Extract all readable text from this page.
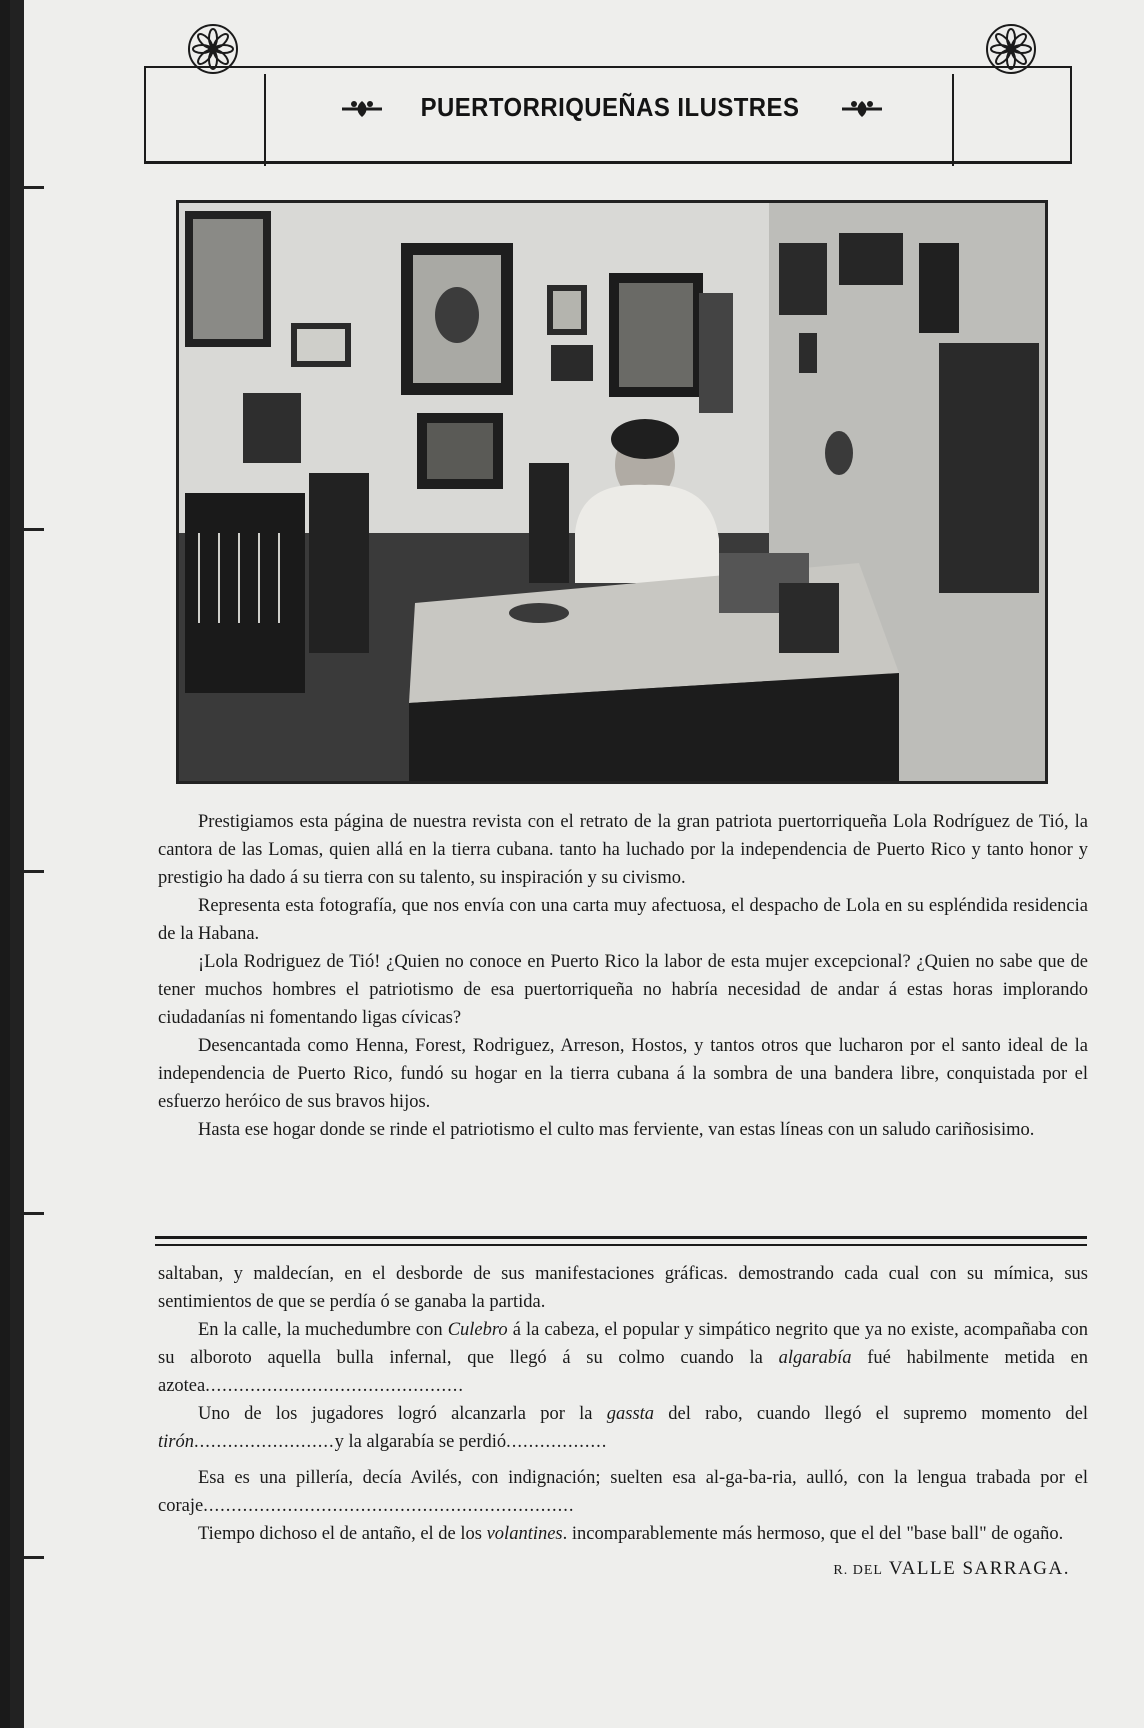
PUERTORRIQUEÑAS ILUSTRES

Prestigiamos esta página de nuestra revista con el retrato de la gran patriota puertorriqueña Lola Rodríguez de Tió, la cantora de las Lomas, quien allá en la tierra cubana. tanto ha luchado por la independencia de Puerto Rico y tanto honor y prestigio ha dado á su tierra con su talento, su inspiración y su civismo.

Representa esta fotografía, que nos envía con una carta muy afectuosa, el despacho de Lola en su espléndida residencia de la Habana.

¡Lola Rodriguez de Tió! ¿Quien no conoce en Puerto Rico la labor de esta mujer excepcional? ¿Quien no sabe que de tener muchos hombres el patriotismo de esa puertorriqueña no habría necesidad de andar á estas horas implorando ciudadanías ni fomentando ligas cívicas?

Desencantada como Henna, Forest, Rodriguez, Arreson, Hostos, y tantos otros que lucharon por el santo ideal de la independencia de Puerto Rico, fundó su hogar en la tierra cubana á la sombra de una bandera libre, conquistada por el esfuerzo heróico de sus bravos hijos.

Hasta ese hogar donde se rinde el patriotismo el culto mas ferviente, van estas líneas con un saludo cariñosisimo.

saltaban, y maldecían, en el desborde de sus manifestaciones gráficas. demostrando cada cual con su mímica, sus sentimientos de que se perdía ó se ganaba la partida.

En la calle, la muchedumbre con Culebro á la cabeza, el popular y simpático negrito que ya no existe, acompañaba con su alboroto aquella bulla infernal, que llegó á su colmo cuando la algarabía fué habilmente metida en azotea..............................................

Uno de los jugadores logró alcanzarla por la gassta del rabo, cuando llegó el supremo momento del tirón.........................y la algarabía se perdió..................

Esa es una pillería, decía Avilés, con indignación; suelten esa al-ga-ba-ria, aulló, con la lengua trabada por el coraje..................................................................

Tiempo dichoso el de antaño, el de los volantines. incomparablemente más hermoso, que el del "base ball" de ogaño.

R. DEL VALLE SARRAGA.
